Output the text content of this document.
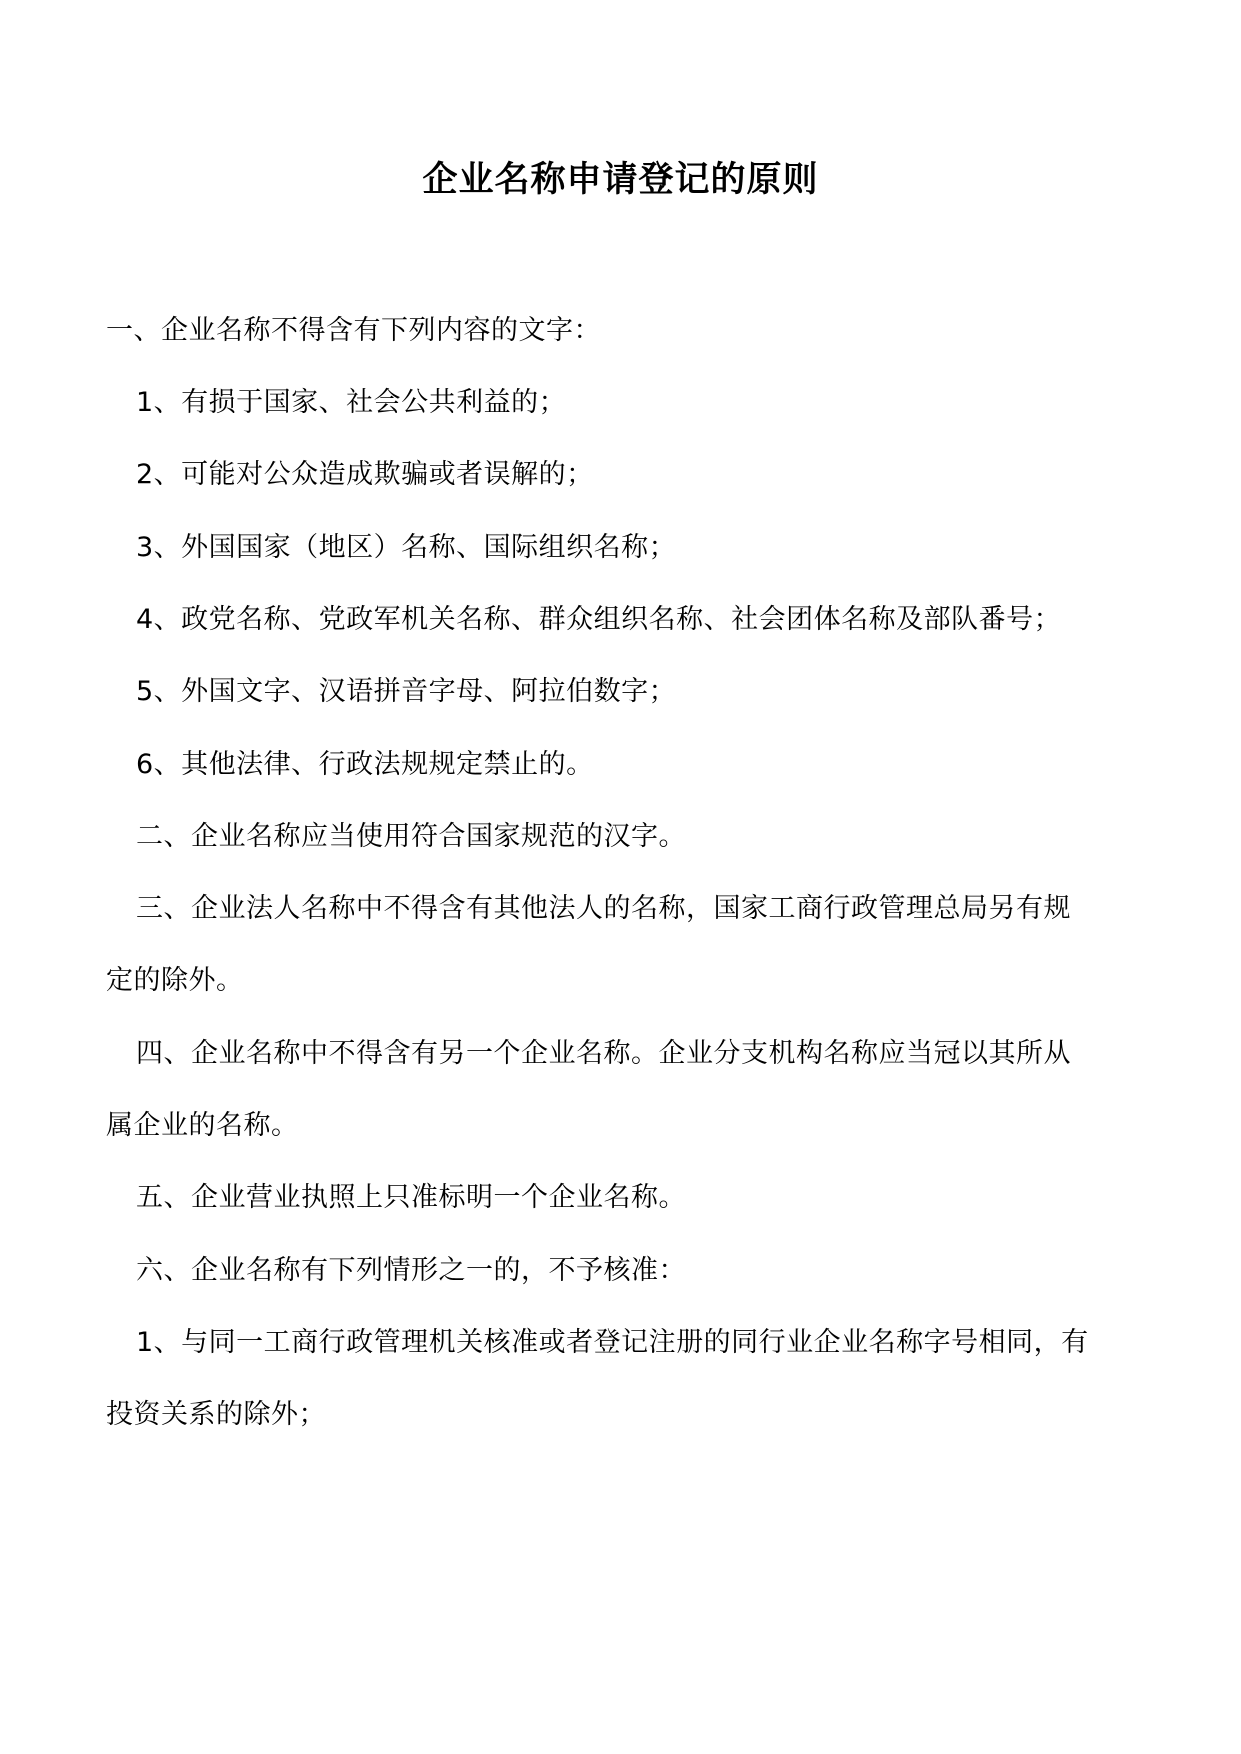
企业名称申请登记的原则
一、企业名称不得含有下列内容的文字：
1、有损于国家、社会公共利益的；
2、可能对公众造成欺骗或者误解的；
3、外国国家（地区）名称、国际组织名称；
4、政党名称、党政军机关名称、群众组织名称、社会团体名称及部队番号；
5、外国文字、汉语拼音字母、阿拉伯数字；
6、其他法律、行政法规规定禁止的。
二、企业名称应当使用符合国家规范的汉字。
三、企业法人名称中不得含有其他法人的名称，国家工商行政管理总局另有规
定的除外。
四、企业名称中不得含有另一个企业名称。企业分支机构名称应当冠以其所从
属企业的名称。
五、企业营业执照上只准标明一个企业名称。
六、企业名称有下列情形之一的，不予核准：
1、与同一工商行政管理机关核准或者登记注册的同行业企业名称字号相同，有
投资关系的除外；
